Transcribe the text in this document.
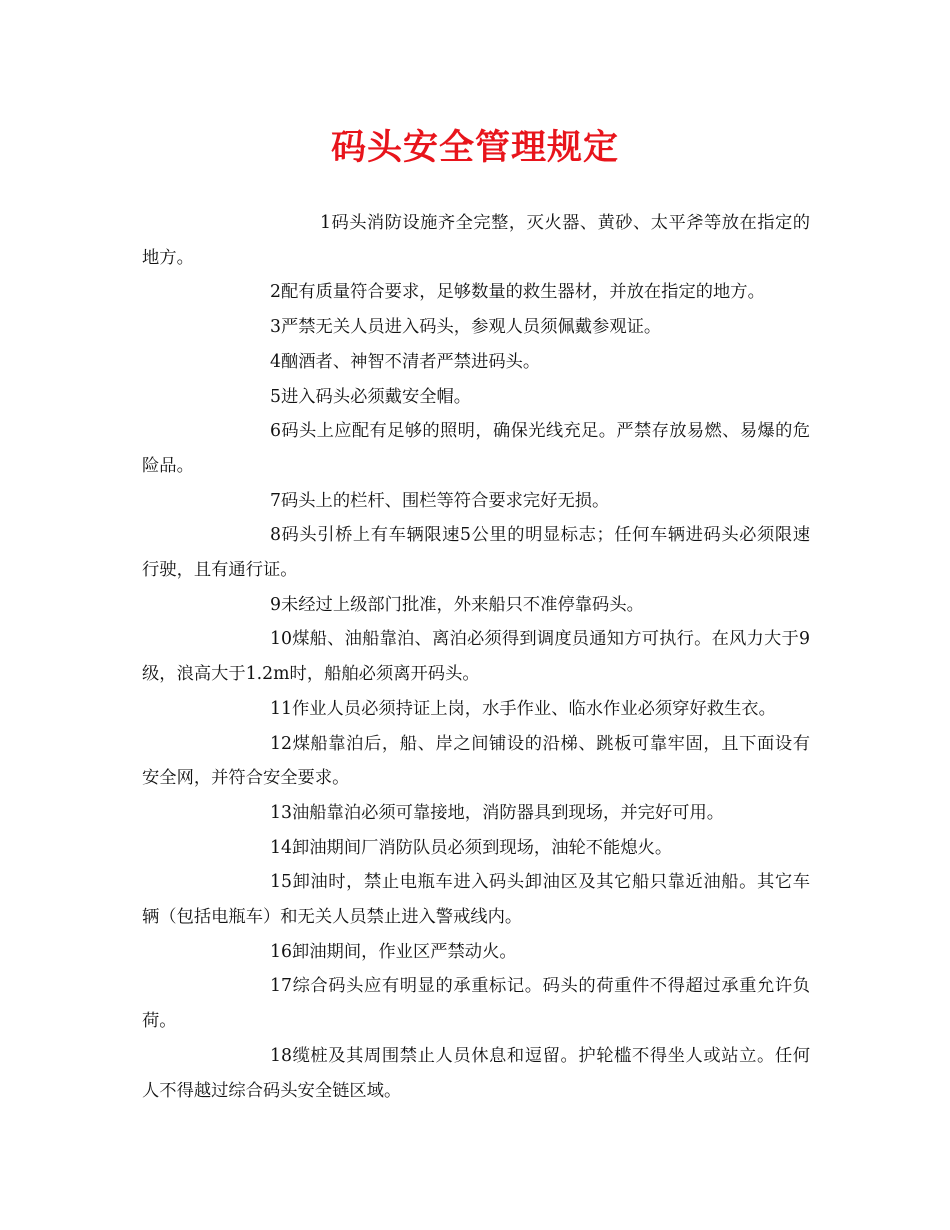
码头安全管理规定

1码头消防设施齐全完整，灭火器、黄砂、太平斧等放在指定的地方。

2配有质量符合要求，足够数量的救生器材，并放在指定的地方。

3严禁无关人员进入码头，参观人员须佩戴参观证。

4酗酒者、神智不清者严禁进码头。

5进入码头必须戴安全帽。

6码头上应配有足够的照明，确保光线充足。严禁存放易燃、易爆的危险品。

7码头上的栏杆、围栏等符合要求完好无损。

8码头引桥上有车辆限速5公里的明显标志；任何车辆进码头必须限速行驶，且有通行证。

9未经过上级部门批准，外来船只不准停靠码头。

10煤船、油船靠泊、离泊必须得到调度员通知方可执行。在风力大于9级，浪高大于1.2m时，船舶必须离开码头。

11作业人员必须持证上岗，水手作业、临水作业必须穿好救生衣。

12煤船靠泊后，船、岸之间铺设的沿梯、跳板可靠牢固，且下面设有安全网，并符合安全要求。

13油船靠泊必须可靠接地，消防器具到现场，并完好可用。

14卸油期间厂消防队员必须到现场，油轮不能熄火。

15卸油时，禁止电瓶车进入码头卸油区及其它船只靠近油船。其它车辆（包括电瓶车）和无关人员禁止进入警戒线内。

16卸油期间，作业区严禁动火。

17综合码头应有明显的承重标记。码头的荷重件不得超过承重允许负荷。

18缆桩及其周围禁止人员休息和逗留。护轮槛不得坐人或站立。任何人不得越过综合码头安全链区域。
